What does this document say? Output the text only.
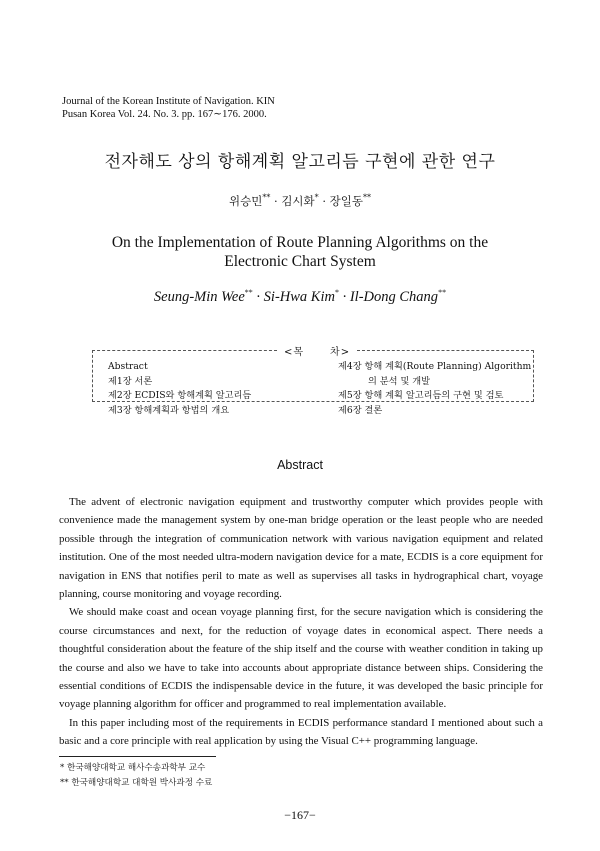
Journal of the Korean Institute of Navigation. KIN
Pusan Korea Vol. 24. No. 3. pp. 167∼176. 2000.
전자해도 상의 항해계획 알고리듬 구현에 관한 연구
위승민** · 김시화* · 장일동**
On the Implementation of Route Planning Algorithms on the
Electronic Chart System
Seung-Min Wee** · Si-Hwa Kim* · Il-Dong Chang**
<목	차>
Abstract
제1장 서론
제2장 ECDIS와 항해계획 알고리듬
제3장 항해계획과 항법의 개요
제4장 항해 계획(Route Planning) Algorithm
의 분석 및 개발
제5장 항해 계획 알고리듬의 구현 및 검토
제6장 결론
Abstract

The advent of electronic navigation equipment and trustworthy computer which provides people with convenience made the management system by one-man bridge operation or the least people who are needed possible through the integration of communication network with various navigation equipment and related institution. One of the most needed ultra-modern navigation device for a mate, ECDIS is a core equipment for navigation in ENS that notifies peril to mate as well as supervises all tasks in hydrographical chart, voyage planning, course monitoring and voyage recording.

We should make coast and ocean voyage planning first, for the secure navigation which is considering the course circumstances and next, for the reduction of voyage dates in economical aspect. There needs a thoughtful consideration about the feature of the ship itself and the course with weather condition in taking up the course and also we have to take into accounts about appropriate distance between ships. Considering the essential conditions of ECDIS the indispensable device in the future, it was developed the basic principle for voyage planning algorithm for officer and programmed to real implementation available.

In this paper including most of the requirements in ECDIS performance standard I mentioned about such a basic and a core principle with real application by using the Visual C++ programming language.

* 한국해양대학교 해사수송과학부 교수
** 한국해양대학교 대학원 박사과정 수료
−167−
